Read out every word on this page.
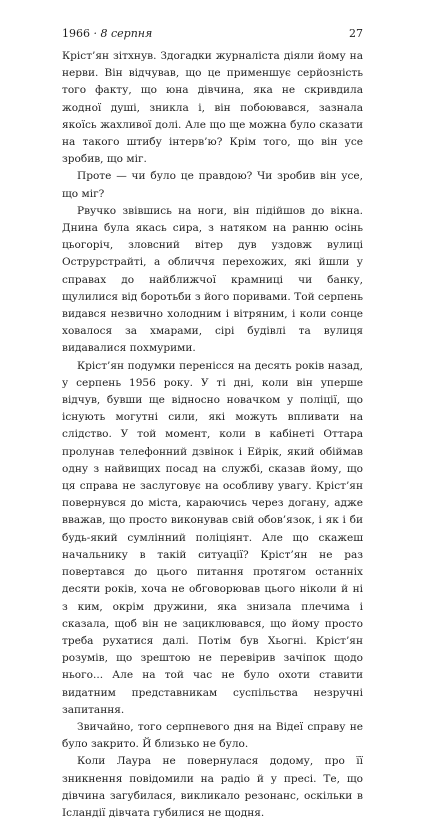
1966 · 8 серпня	27

Кріст’ян зітхнув. Здогадки журналіста діяли йому на нерви. Він відчував, що це применшує серйозність того факту, що юна дівчина, яка не скривдила жодної душі, зникла і, він побоювався, зазнала якоїсь жахливої долі. Але що ще можна було сказати на такого штибу інтерв’ю? Крім того, що він усе зробив, що міг.

Проте — чи було це правдою? Чи зробив він усе, що міг?

Рвучко звівшись на ноги, він підійшов до вікна. Днина була якась сира, з натяком на ранню осінь цьогоріч, зловсний вітер дув уздовж вулиці Острурстрайті, а обличчя перехожих, які йшли у справах до найближчої крамниці чи банку, щулилися від боротьби з його поривами. Той серпень видався незвично холодним і вітряним, і коли сонце ховалося за хмарами, сірі будівлі та вулиця видавалися похмурими.

Кріст’ян подумки перенісся на десять років назад, у серпень 1956 року. У ті дні, коли він уперше відчув, бувши ще відносно новачком у поліції, що існують могутні сили, які можуть впливати на слідство. У той момент, коли в кабінеті Оттара пролунав телефонний дзвінок і Ейрік, який обіймав одну з найвищих посад на службі, сказав йому, що ця справа не заслуговує на особливу увагу. Кріст’ян повернувся до міста, караючись через догану, адже вважав, що просто виконував свій обов’язок, і як і би будь-який сумлінний поліціянт. Але що скажеш начальнику в такій ситуації? Кріст’ян не раз повертався до цього питання протягом останніх десяти років, хоча не обговорював цього ніколи й ні з ким, окрім дружини, яка знизала плечима і сказала, щоб він не зациклювався, що йому просто треба рухатися далі. Потім був Хьогні. Кріст’ян розумів, що зрештою не перевірив зачіпок щодо нього... Але на той час не було охоти ставити видатним представникам суспільства незручні запитання.

Звичайно, того серпневого дня на Відеї справу не було закрито. Й близько не було.

Коли Лаура не повернулася додому, про її зникнення повідомили на радіо й у пресі. Те, що дівчина загубилася, викликало резонанс, оскільки в Ісландії дівчата губилися не щодня.
